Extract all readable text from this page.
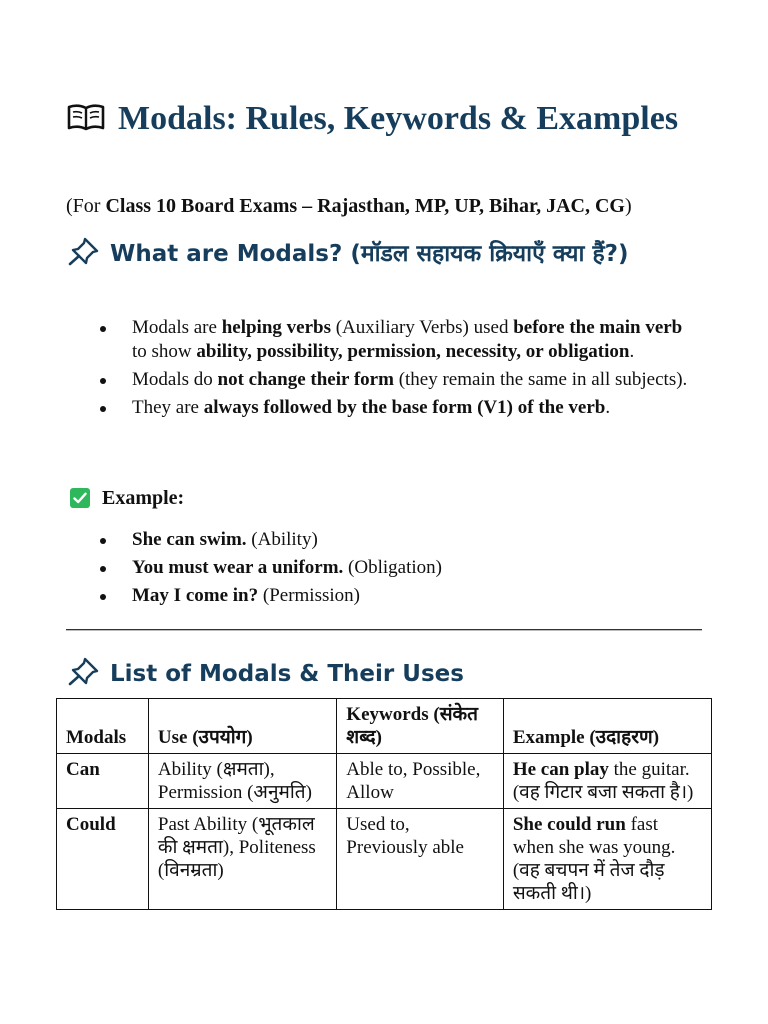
Modals: Rules, Keywords & Examples
(For Class 10 Board Exams – Rajasthan, MP, UP, Bihar, JAC, CG)
What are Modals? (मॉडल सहायक क्रियाएँ क्या हैं?)
Modals are helping verbs (Auxiliary Verbs) used before the main verb to show ability, possibility, permission, necessity, or obligation.
Modals do not change their form (they remain the same in all subjects).
They are always followed by the base form (V1) of the verb.
Example:
She can swim. (Ability)
You must wear a uniform. (Obligation)
May I come in? (Permission)
List of Modals & Their Uses
Modals	Use (उपयोग)	Keywords (संकेत शब्द)	Example (उदाहरण)
Can	Ability (क्षमता), Permission (अनुमति)	Able to, Possible, Allow	He can play the guitar. (वह गिटार बजा सकता है।)
Could	Past Ability (भूतकाल की क्षमता), Politeness (विनम्रता)	Used to, Previously able	She could run fast when she was young. (वह बचपन में तेज दौड़ सकती थी।)
